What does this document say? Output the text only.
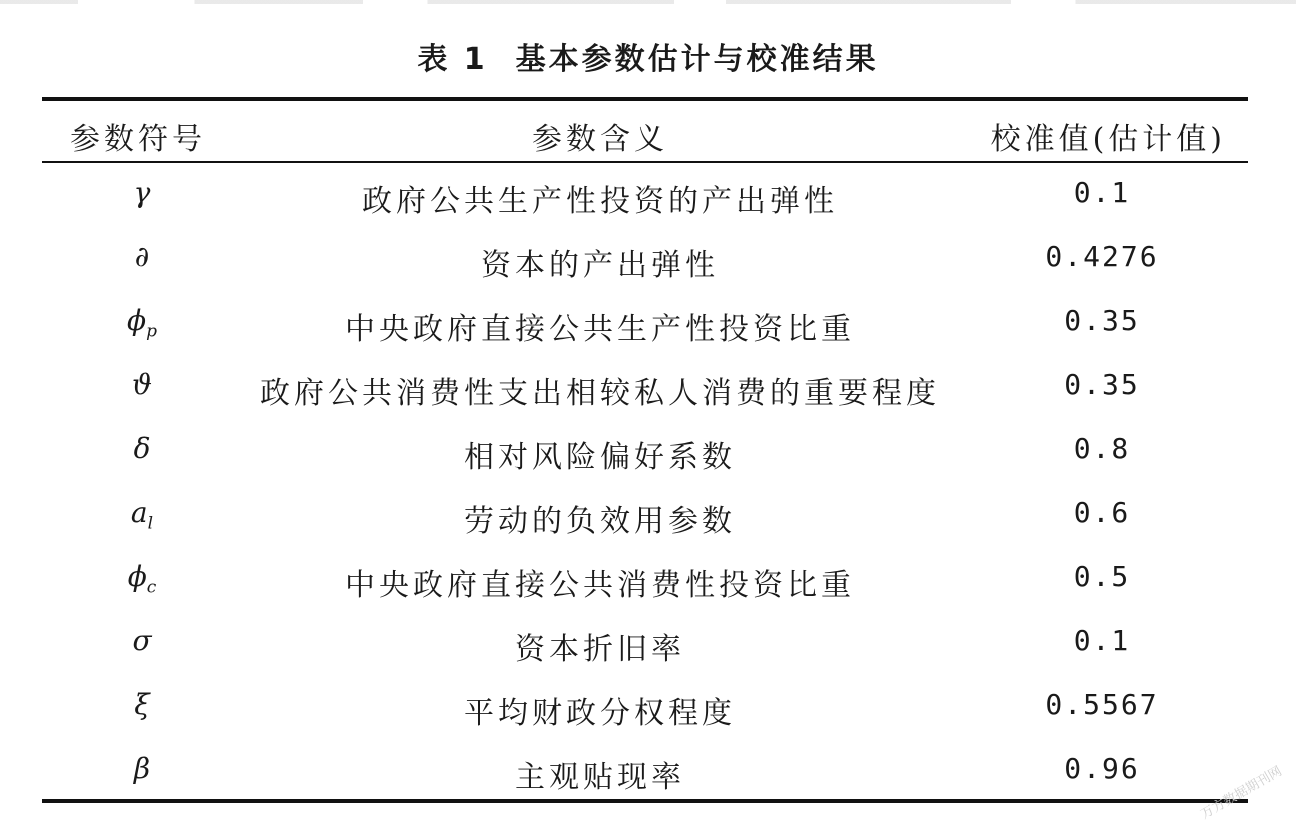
表 1 基本参数估计与校准结果
参数符号	参数含义	校准值(估计值)
γ	政府公共生产性投资的产出弹性	0.1
∂	资本的产出弹性	0.4276
$\phi_p$	中央政府直接公共生产性投资比重	0.35
ϑ	政府公共消费性支出相较私人消费的重要程度	0.35
δ	相对风险偏好系数	0.8
$a_l$	劳动的负效用参数	0.6
$\phi_c$	中央政府直接公共消费性投资比重	0.5
σ	资本折旧率	0.1
ξ	平均财政分权程度	0.5567
β	主观贴现率	0.96	万方数据期刊网
